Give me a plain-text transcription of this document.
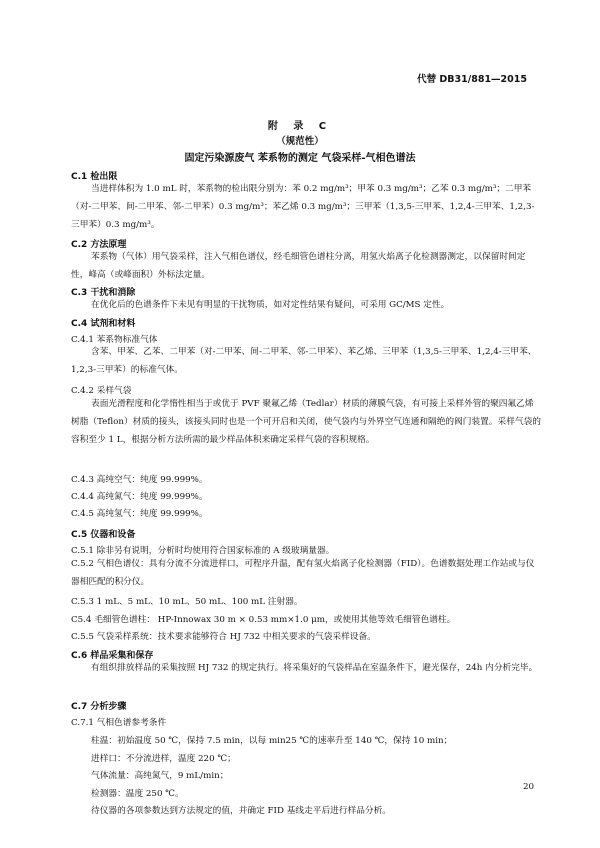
代替 DB31/881—2015
附 录 C
（规范性）
固定污染源废气 苯系物的测定 气袋采样-气相色谱法
C.1 检出限
当进样体积为 1.0 mL 时，苯系物的检出限分别为：苯 0.2 mg/m³；甲苯 0.3 mg/m³；乙苯 0.3 mg/m³；二甲苯（对-二甲苯、间-二甲苯、邻-二甲苯）0.3 mg/m³；苯乙烯 0.3 mg/m³；三甲苯（1,3,5-三甲苯、1,2,4-三甲苯、1,2,3-三甲苯）0.3 mg/m³。
C.2 方法原理
苯系物（气体）用气袋采样，注入气相色谱仪，经毛细管色谱柱分离，用氢火焰离子化检测器测定，以保留时间定性，峰高（或峰面积）外标法定量。
C.3 干扰和消除
在优化后的色谱条件下未见有明显的干扰物质，如对定性结果有疑问，可采用 GC/MS 定性。
C.4 试剂和材料
C.4.1 苯系物标准气体
含苯、甲苯、乙苯、二甲苯（对-二甲苯、间-二甲苯、邻-二甲苯）、苯乙烯、三甲苯（1,3,5-三甲苯、1,2,4-三甲苯、1,2,3-三甲苯）的标准气体。
C.4.2 采样气袋
表面光滑程度和化学惰性相当于或优于 PVF 聚氟乙烯（Tedlar）材质的薄膜气袋，有可接上采样外管的聚四氟乙烯树脂（Teflon）材质的接头，该接头同时也是一个可开启和关闭，使气袋内与外界空气连通和隔绝的阀门装置。采样气袋的容积至少 1 L，根据分析方法所需的最少样品体积来确定采样气袋的容积规格。
C.4.3 高纯空气：纯度 99.999%。
C.4.4 高纯氮气：纯度 99.999%。
C.4.5 高纯氢气：纯度 99.999%。
C.5 仪器和设备
C.5.1 除非另有说明，分析时均使用符合国家标准的 A 级玻璃量器。
C.5.2 气相色谱仪：具有分流不分流进样口，可程序升温，配有氢火焰离子化检测器（FID）。色谱数据处理工作站或与仪器相匹配的积分仪。
C.5.3 1 mL、5 mL、10 mL、50 mL、100 mL 注射器。
C5.4 毛细管色谱柱： HP-Innowax 30 m × 0.53 mm×1.0 μm，或使用其他等效毛细管色谱柱。
C.5.5 气袋采样系统：技术要求能够符合 HJ 732 中相关要求的气袋采样设备。
C.6 样品采集和保存
有组织排放样品的采集按照 HJ 732 的规定执行。将采集好的气袋样品在室温条件下，避光保存，24h 内分析完毕。
C.7 分析步骤
C.7.1 气相色谱参考条件
柱温：初始温度 50 ℃，保持 7.5 min，以每 min25 ℃的速率升至 140 ℃，保持 10 min；
进样口：不分流进样，温度 220 ℃；
气体流量：高纯氮气，9 mL/min；
检测器：温度 250 ℃。
待仪器的各项参数达到方法规定的值，并确定 FID 基线走平后进行样品分析。
20
